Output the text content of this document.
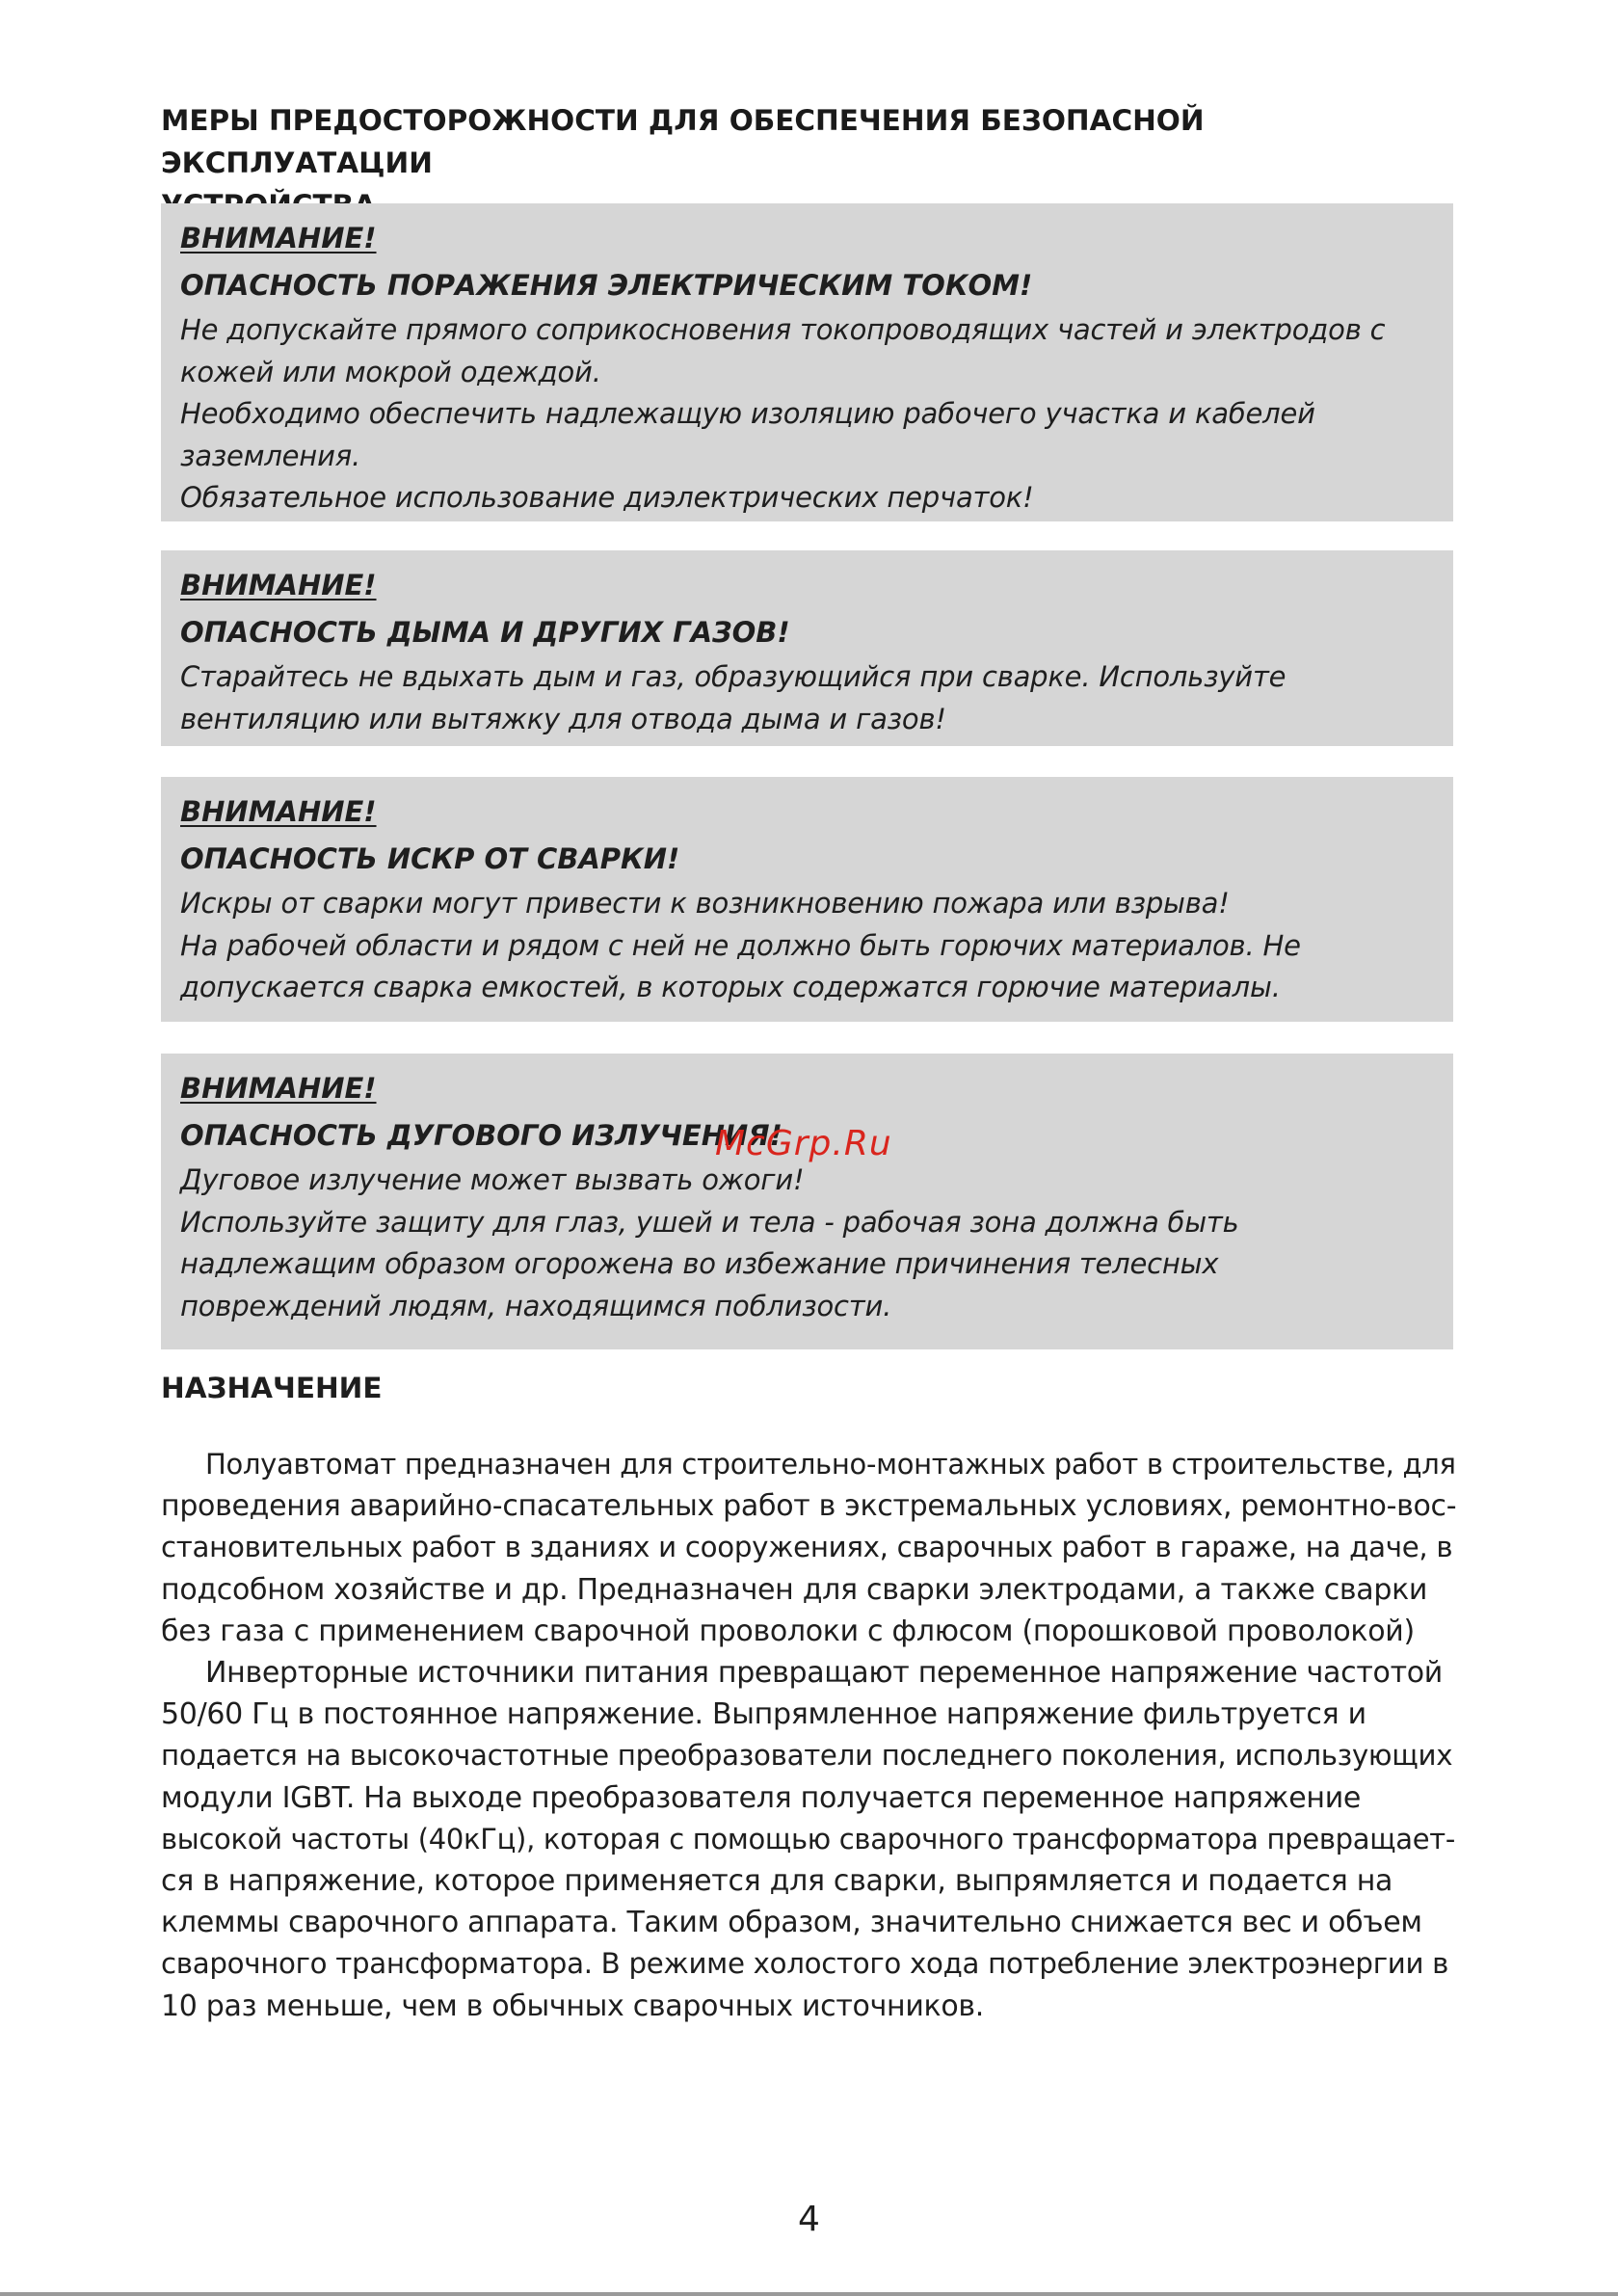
МЕРЫ ПРЕДОСТОРОЖНОСТИ ДЛЯ ОБЕСПЕЧЕНИЯ БЕЗОПАСНОЙ ЭКСПЛУАТАЦИИ

ВНИМАНИЕ!

ОПАСНОСТЬ ПОРАЖЕНИЯ ЭЛЕКТРИЧЕСКИМ ТОКОМ!

Не допускайте прямого соприкосновения токопроводящих частей и электродов с

кожей или мокрой одеждой.

Необходимо обеспечить надлежащую изоляцию рабочего участка и кабелей

заземления.

Обязательное использование диэлектрических перчаток!

ВНИМАНИЕ!

ОПАСНОСТЬ ДЫМА И ДРУГИХ ГАЗОВ!

Старайтесь не вдыхать дым и газ, образующийся при сварке. Используйте

вентиляцию или вытяжку для отвода дыма и газов!

ВНИМАНИЕ!

ОПАСНОСТЬ ИСКР ОТ СВАРКИ!

Искры от сварки могут привести к возникновению пожара или взрыва!

На рабочей области и рядом с ней не должно быть горючих материалов. Не

допускается сварка емкостей, в которых содержатся горючие материалы.

ВНИМАНИЕ!

ОПАСНОСТЬ ДУГОВОГО ИЗЛУЧЕНИЯ!

Дуговое излучение может вызвать ожоги!

Используйте защиту для глаз, ушей и тела - рабочая зона должна быть

надлежащим образом огорожена во избежание причинения телесных

повреждений людям, находящимся поблизости.

McGrp.Ru
НАЗНАЧЕНИЕ

Полуавтомат предназначен для строительно-монтажных работ в строительстве, для

проведения аварийно-спасательных работ в экстремальных условиях, ремонтно-вос-

становительных работ в зданиях и сооружениях, сварочных работ в гараже, на даче, в

подсобном хозяйстве и др. Предназначен для сварки электродами, а также сварки

без газа с применением сварочной проволоки с флюсом (порошковой проволокой)

Инверторные источники питания превращают переменное напряжение частотой

50/60 Гц в постоянное напряжение. Выпрямленное напряжение фильтруется и

подается на высокочастотные преобразователи последнего поколения, использующих

модули IGBT. На выходе преобразователя получается переменное напряжение

высокой частоты (40кГц), которая с помощью сварочного трансформатора превращает-

ся в напряжение, которое применяется для сварки, выпрямляется и подается на

клеммы сварочного аппарата. Таким образом, значительно снижается вес и объем

сварочного трансформатора. В режиме холостого хода потребление электроэнергии в

10 раз меньше, чем в обычных сварочных источников.

4
